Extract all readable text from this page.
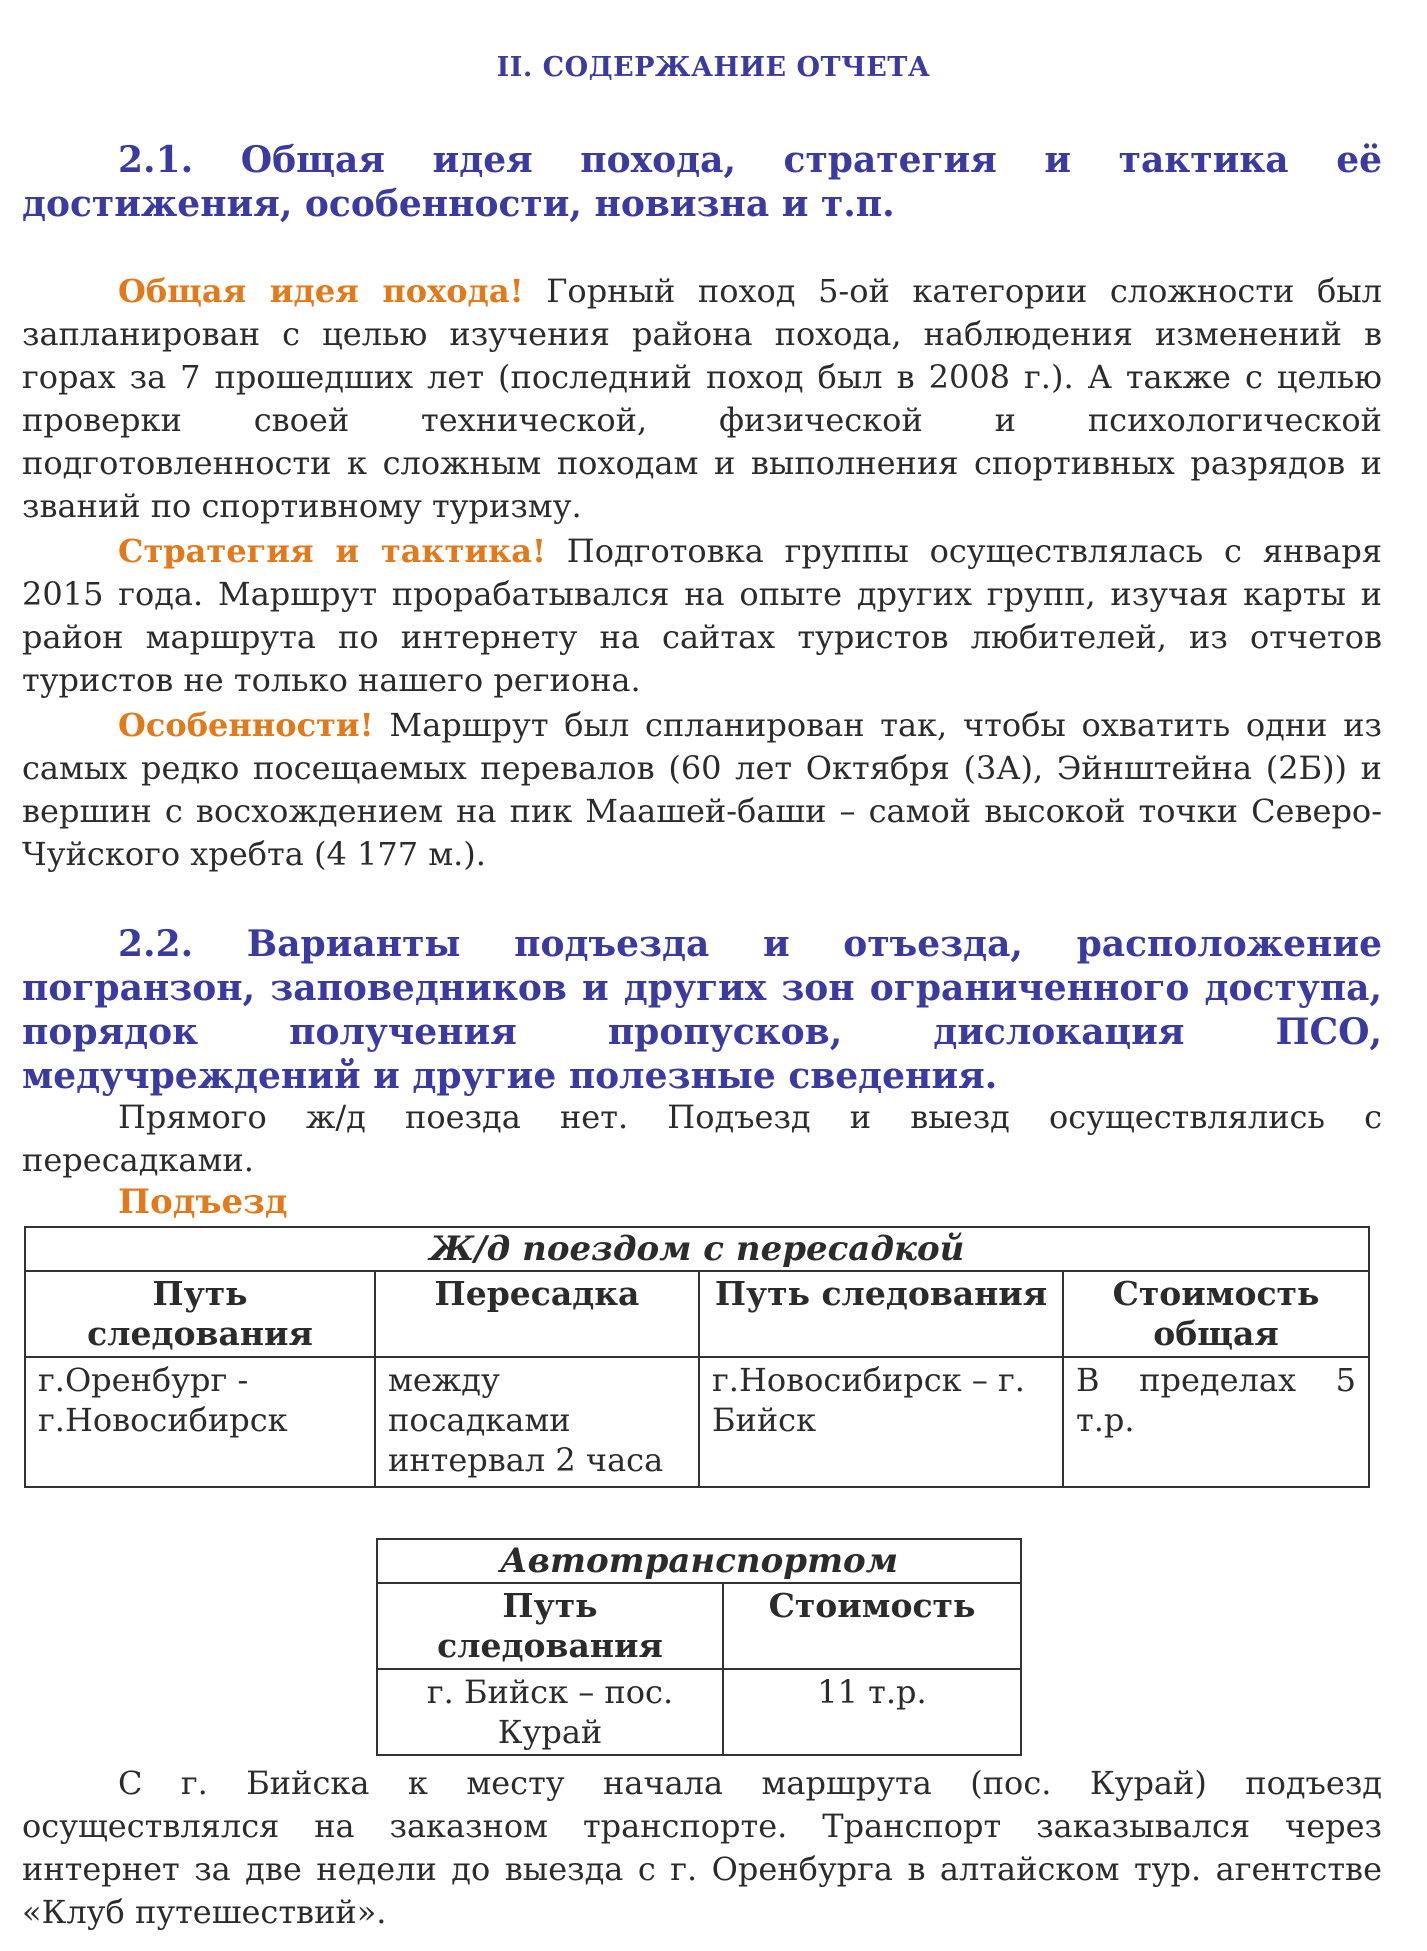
II. СОДЕРЖАНИЕ ОТЧЕТА
2.1. Общая идея похода, стратегия и тактика её достижения, особенности, новизна и т.п.
Общая идея похода! Горный поход 5-ой категории сложности был запланирован с целью изучения района похода, наблюдения изменений в горах за 7 прошедших лет (последний поход был в 2008 г.). А также с целью проверки своей технической, физической и психологической подготовленности к сложным походам и выполнения спортивных разрядов и званий по спортивному туризму.
Стратегия и тактика! Подготовка группы осуществлялась с января 2015 года. Маршрут прорабатывался на опыте других групп, изучая карты и район маршрута по интернету на сайтах туристов любителей, из отчетов туристов не только нашего региона.
Особенности! Маршрут был спланирован так, чтобы охватить одни из самых редко посещаемых перевалов (60 лет Октября (3А), Эйнштейна (2Б)) и вершин с восхождением на пик Маашей-баши – самой высокой точки Северо-Чуйского хребта (4 177 м.).
2.2. Варианты подъезда и отъезда, расположение погранзон, заповедников и других зон ограниченного доступа, порядок получения пропусков, дислокация ПСО, медучреждений и другие полезные сведения.
Прямого ж/д поезда нет. Подъезд и выезд осуществлялись с пересадками.
Подъезд
Ж/д поездом с пересадкой			
Путь следования	Пересадка	Путь следования	Стоимость общая
г.Оренбург - г.Новосибирск	между посадками интервал 2 часа	г.Новосибирск – г. Бийск	В пределах 5 т.р.
Автотранспортом	
Путь следования	Стоимость
г. Бийск – пос. Курай	11 т.р.
С г. Бийска к месту начала маршрута (пос. Курай) подъезд осуществлялся на заказном транспорте. Транспорт заказывался через интернет за две недели до выезда с г. Оренбурга в алтайском тур. агентстве «Клуб путешествий».
